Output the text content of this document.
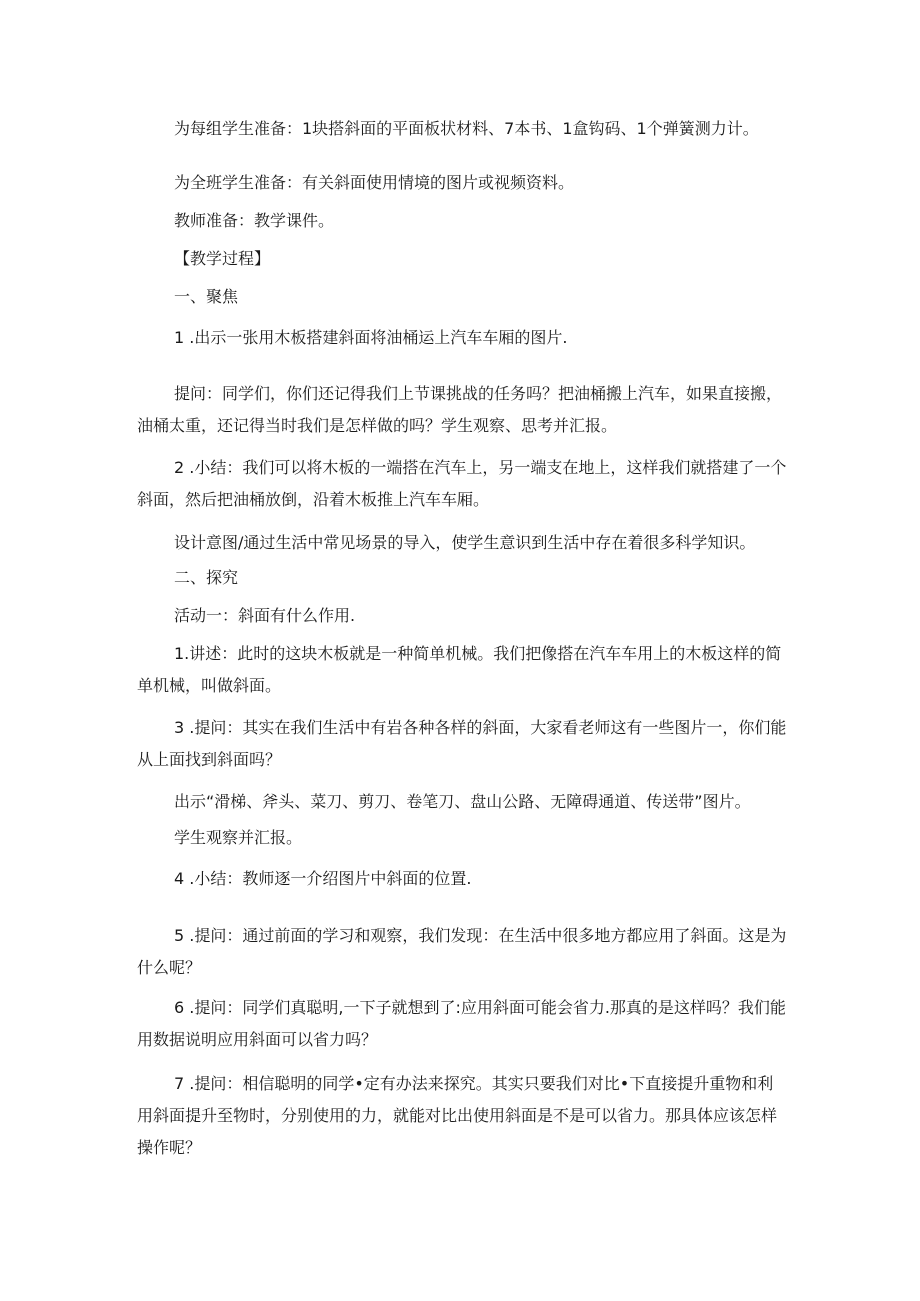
为每组学生准备：1块搭斜面的平面板状材料、7本书、1盒钩码、1个弹簧测力计。

为全班学生准备：有关斜面使用情境的图片或视频资料。

教师准备：教学课件。

【教学过程】

一、聚焦

1 .出示一张用木板搭建斜面将油桶运上汽车车厢的图片.

提问：同学们，你们还记得我们上节课挑战的任务吗？把油桶搬上汽车，如果直接搬，油桶太重，还记得当时我们是怎样做的吗？学生观察、思考并汇报。

2 .小结：我们可以将木板的一端搭在汽车上，另一端支在地上，这样我们就搭建了一个斜面，然后把油桶放倒，沿着木板推上汽车车厢。

设计意图/通过生活中常见场景的导入，使学生意识到生活中存在着很多科学知识。

二、探究

活动一：斜面有什么作用.

1.讲述：此时的这块木板就是一种简单机械。我们把像搭在汽车车用上的木板这样的简单机械，叫做斜面。

3 .提问：其实在我们生活中有岩各种各样的斜面，大家看老师这有一些图片一，你们能从上面找到斜面吗？

出示“滑梯、斧头、菜刀、剪刀、卷笔刀、盘山公路、无障碍通道、传送带”图片。

学生观察并汇报。

4 .小结：教师逐一介绍图片中斜面的位置.

5 .提问：通过前面的学习和观察，我们发现：在生活中很多地方都应用了斜面。这是为什么呢？

6 .提问：同学们真聪明,一下子就想到了:应用斜面可能会省力.那真的是这样吗？我们能用数据说明应用斜面可以省力吗？

7 .提问：相信聪明的同学•定有办法来探究。其实只要我们对比•下直接提升重物和利用斜面提升至物时，分别使用的力，就能对比出使用斜面是不是可以省力。那具体应该怎样操作呢？
